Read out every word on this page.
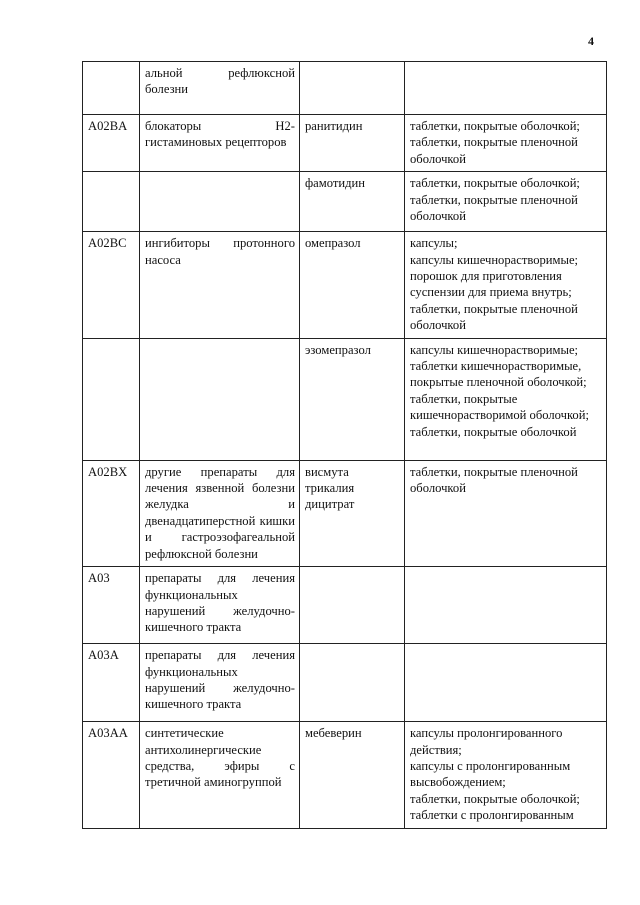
4
	альной рефлюксной болезни		
A02BA	блокаторы H2-гистаминовых рецепторов	ранитидин	таблетки, покрытые оболочкой;
таблетки, покрытые пленочной оболочкой

		фамотидин	таблетки, покрытые оболочкой;
таблетки, покрытые пленочной оболочкой

A02BC	ингибиторы протонного насоса	омепразол	капсулы;
капсулы кишечнорастворимые;
порошок для приготовления суспензии для приема внутрь;
таблетки, покрытые пленочной оболочкой

		эзомепразол	капсулы кишечнорастворимые;
таблетки кишечнорастворимые, покрытые пленочной оболочкой;
таблетки, покрытые кишечнорастворимой оболочкой;
таблетки, покрытые оболочкой

A02BX	другие препараты для лечения язвенной болезни желудка и двенадцатиперстной кишки и гастроэзофагеальной рефлюксной болезни	висмута трикалия дицитрат	таблетки, покрытые пленочной оболочкой

A03	препараты для лечения функциональных нарушений желудочно-кишечного тракта		
A03A	препараты для лечения функциональных нарушений желудочно-кишечного тракта		
A03AA	синтетические антихолинергические средства, эфиры с третичной аминогруппой	мебеверин	капсулы пролонгированного действия;
капсулы с пролонгированным высвобождением;
таблетки, покрытые оболочкой;
таблетки с пролонгированным
